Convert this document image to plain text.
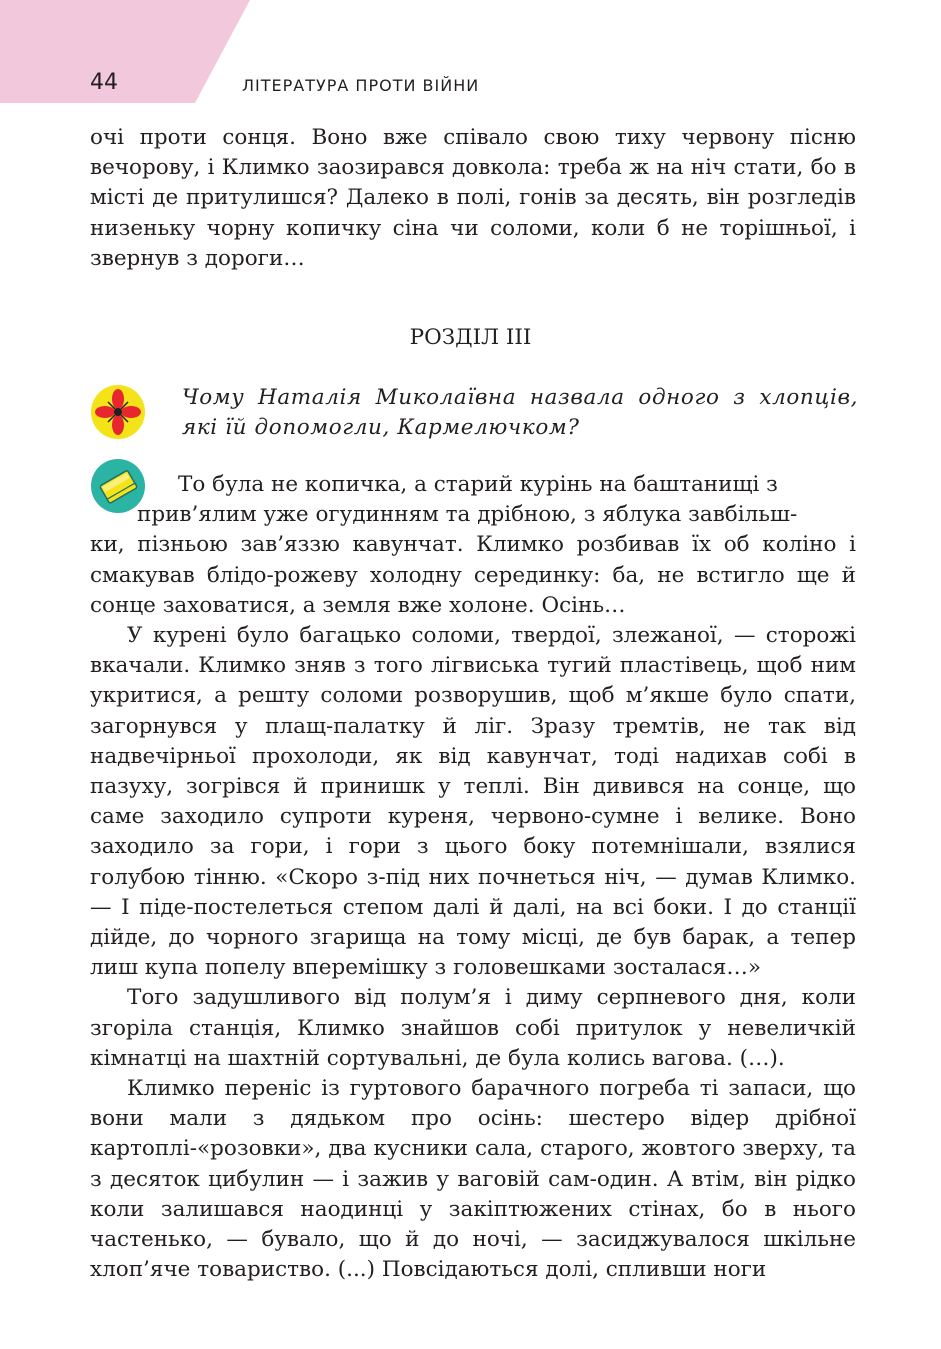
44	ЛІТЕРАТУРА ПРОТИ ВІЙНИ

очі проти сонця. Воно вже співало свою тиху червону пісню вечорову, і Климко заозирався довкола: треба ж на ніч стати, бо в місті де притулишся? Далеко в полі, гонів за десять, він розгледів низеньку чорну копичку сіна чи соломи, коли б не торішньої, і звернув з дороги…

РОЗДІЛ ІІІ
Чому Наталія Миколаївна назвала одного з хлопців, які їй допомогли, Кармелючком?
То була не копичка, а старий курінь на баштанищі з
прив’ялим уже огудинням та дрібною, з яблука завбільш-

ки, пізньою зав’яззю кавунчат. Климко розбивав їх об коліно і смакував блідо-рожеву холодну серединку: ба, не встигло ще й сонце заховатися, а земля вже холоне. Осінь…

У курені було багацько соломи, твердої, злежаної, — сторожі вкачали. Климко зняв з того лігвиська тугий пластівець, щоб ним укритися, а решту соломи розворушив, щоб м’якше було спати, загорнувся у плащ-палатку й ліг. Зразу тремтів, не так від надвечірньої прохолоди, як від кавунчат, тоді надихав собі в пазуху, зогрівся й принишк у теплі. Він дивився на сонце, що саме заходило супроти куреня, червоно-сумне і велике. Воно заходило за гори, і гори з цього боку потемнішали, взялися голубою тінню. «Скоро з-під них почнеться ніч, — думав Климко. — І піде-постелеться степом далі й далі, на всі боки. І до станції дійде, до чорного згарища на тому місці, де був барак, а тепер лиш купа попелу вперемішку з головешками зосталася…»

Того задушливого від полум’я і диму серпневого дня, коли згоріла станція, Климко знайшов собі притулок у невеличкій кімнатці на шахтній сортувальні, де була колись вагова. (…).

Климко переніс із гуртового барачного погреба ті запаси, що вони мали з дядьком про осінь: шестеро відер дрібної картоплі-«розовки», два кусники сала, старого, жовтого зверху, та з десяток цибулин — і зажив у ваговій сам-один. А втім, він рідко коли залишався наодинці у закіптюжених стінах, бо в нього частенько, — бувало, що й до ночі, — засиджувалося шкільне хлоп’яче товариство. (...) Повсідаються долі, спливши ноги
